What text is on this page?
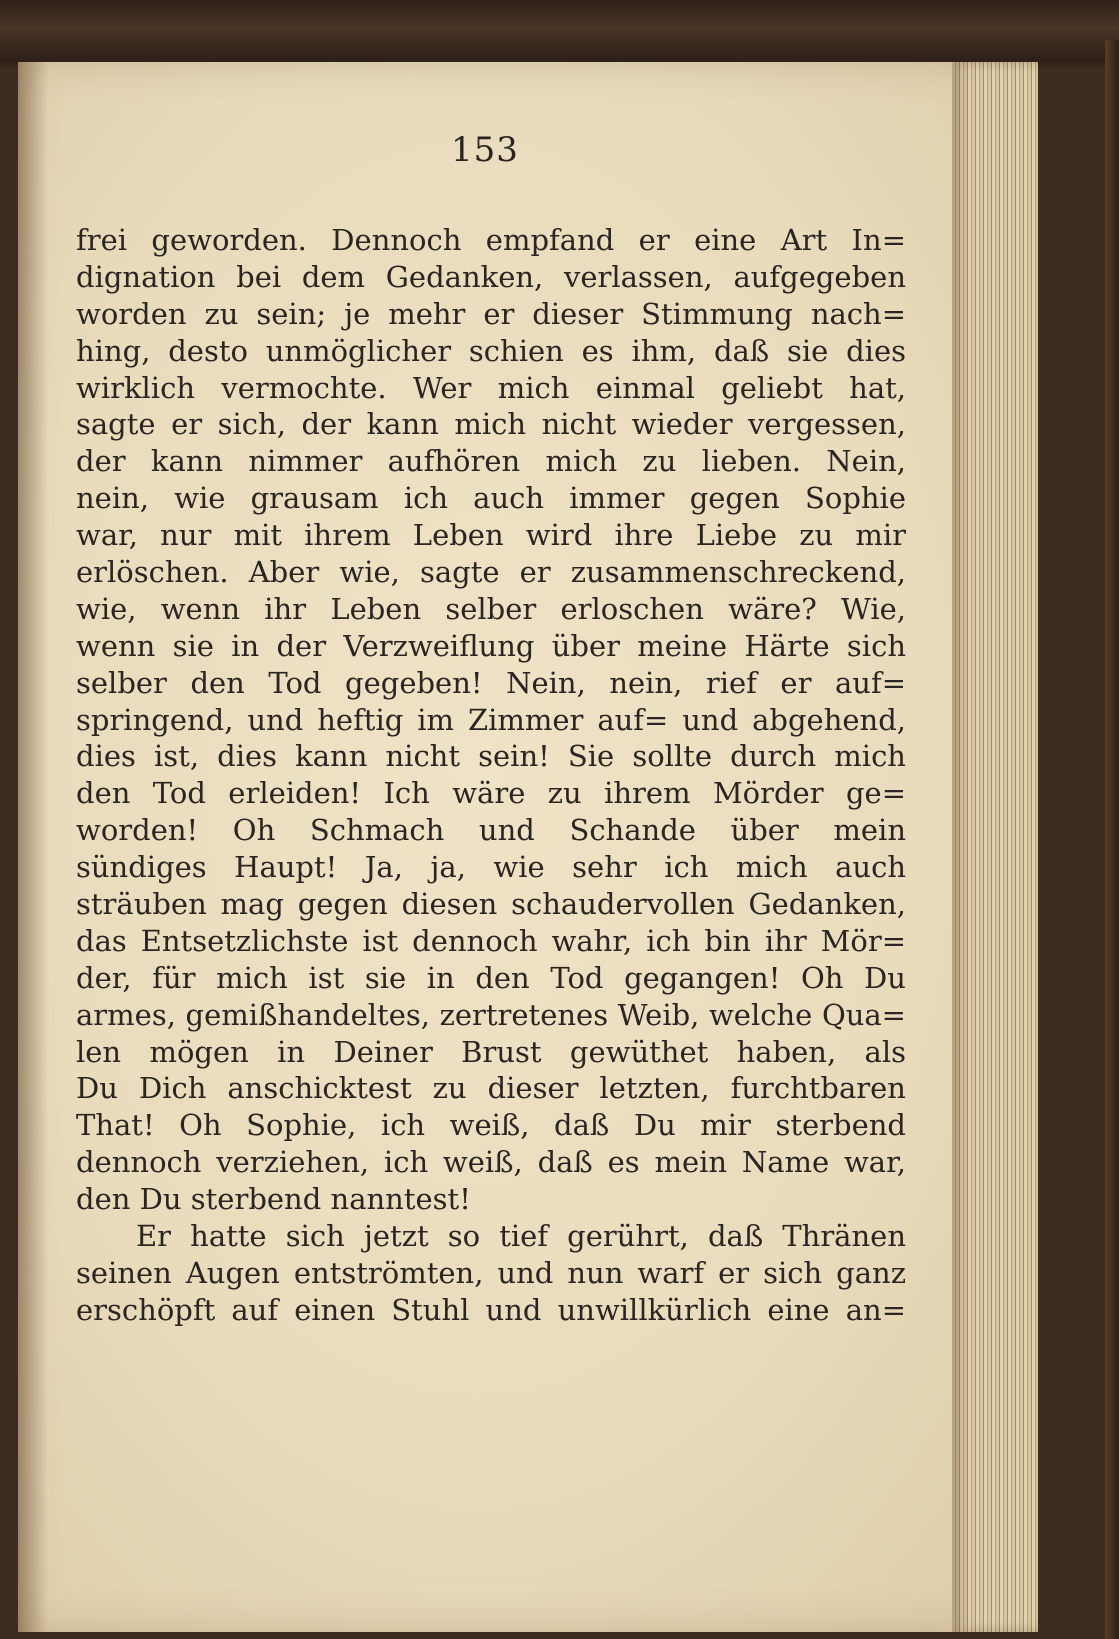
153
frei geworden. Dennoch empfand er eine Art In=
dignation bei dem Gedanken, verlassen, aufgegeben
worden zu sein; je mehr er dieser Stimmung nach=
hing, desto unmöglicher schien es ihm, daß sie dies
wirklich vermochte. Wer mich einmal geliebt hat,
sagte er sich, der kann mich nicht wieder vergessen,
der kann nimmer aufhören mich zu lieben. Nein,
nein, wie grausam ich auch immer gegen Sophie
war, nur mit ihrem Leben wird ihre Liebe zu mir
erlöschen. Aber wie, sagte er zusammenschreckend,
wie, wenn ihr Leben selber erloschen wäre? Wie,
wenn sie in der Verzweiflung über meine Härte sich
selber den Tod gegeben! Nein, nein, rief er auf=
springend, und heftig im Zimmer auf= und abgehend,
dies ist, dies kann nicht sein! Sie sollte durch mich
den Tod erleiden! Ich wäre zu ihrem Mörder ge=
worden! Oh Schmach und Schande über mein
sündiges Haupt! Ja, ja, wie sehr ich mich auch
sträuben mag gegen diesen schaudervollen Gedanken,
das Entsetzlichste ist dennoch wahr, ich bin ihr Mör=
der, für mich ist sie in den Tod gegangen! Oh Du
armes, gemißhandeltes, zertretenes Weib, welche Qua=
len mögen in Deiner Brust gewüthet haben, als
Du Dich anschicktest zu dieser letzten, furchtbaren
That! Oh Sophie, ich weiß, daß Du mir sterbend
dennoch verziehen, ich weiß, daß es mein Name war,
den Du sterbend nanntest!
Er hatte sich jetzt so tief gerührt, daß Thränen
seinen Augen entströmten, und nun warf er sich ganz
erschöpft auf einen Stuhl und unwillkürlich eine an=
